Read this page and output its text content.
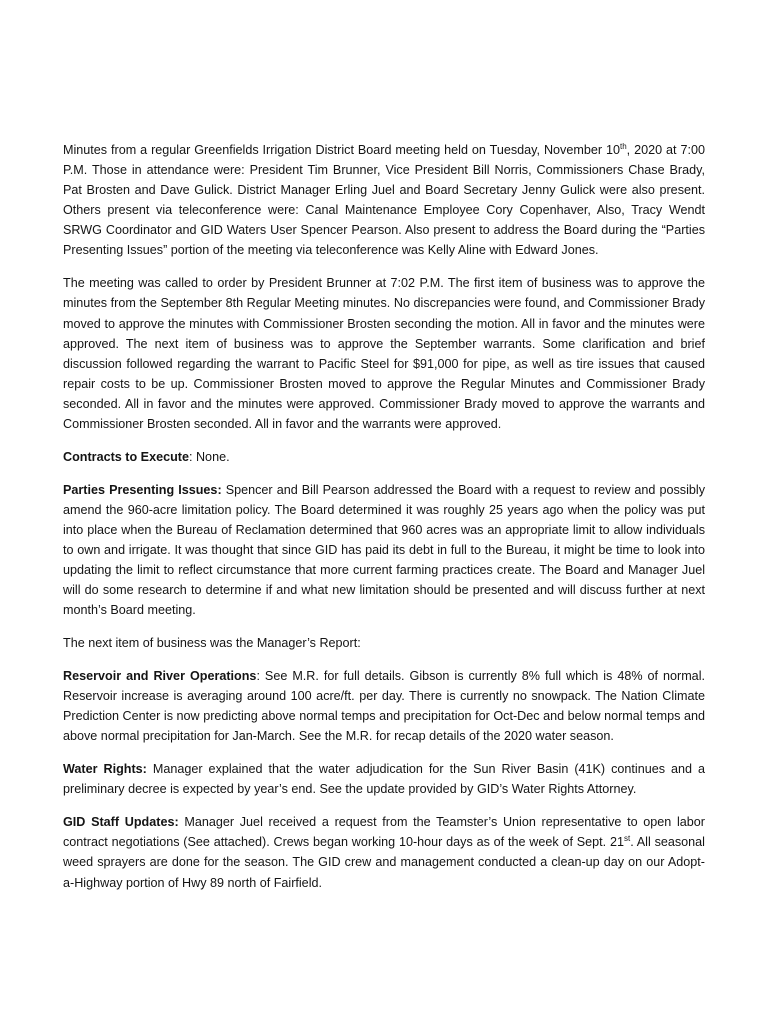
Minutes from a regular Greenfields Irrigation District Board meeting held on Tuesday, November 10th, 2020 at 7:00 P.M. Those in attendance were: President Tim Brunner, Vice President Bill Norris, Commissioners Chase Brady, Pat Brosten and Dave Gulick. District Manager Erling Juel and Board Secretary Jenny Gulick were also present. Others present via teleconference were: Canal Maintenance Employee Cory Copenhaver, Also, Tracy Wendt SRWG Coordinator and GID Waters User Spencer Pearson. Also present to address the Board during the “Parties Presenting Issues” portion of the meeting via teleconference was Kelly Aline with Edward Jones.

The meeting was called to order by President Brunner at 7:02 P.M. The first item of business was to approve the minutes from the September 8th Regular Meeting minutes. No discrepancies were found, and Commissioner Brady moved to approve the minutes with Commissioner Brosten seconding the motion. All in favor and the minutes were approved. The next item of business was to approve the September warrants. Some clarification and brief discussion followed regarding the warrant to Pacific Steel for $91,000 for pipe, as well as tire issues that caused repair costs to be up. Commissioner Brosten moved to approve the Regular Minutes and Commissioner Brady seconded. All in favor and the minutes were approved. Commissioner Brady moved to approve the warrants and Commissioner Brosten seconded. All in favor and the warrants were approved.

Contracts to Execute: None.

Parties Presenting Issues: Spencer and Bill Pearson addressed the Board with a request to review and possibly amend the 960-acre limitation policy. The Board determined it was roughly 25 years ago when the policy was put into place when the Bureau of Reclamation determined that 960 acres was an appropriate limit to allow individuals to own and irrigate. It was thought that since GID has paid its debt in full to the Bureau, it might be time to look into updating the limit to reflect circumstance that more current farming practices create. The Board and Manager Juel will do some research to determine if and what new limitation should be presented and will discuss further at next month’s Board meeting.

The next item of business was the Manager’s Report:

Reservoir and River Operations: See M.R. for full details. Gibson is currently 8% full which is 48% of normal. Reservoir increase is averaging around 100 acre/ft. per day. There is currently no snowpack. The Nation Climate Prediction Center is now predicting above normal temps and precipitation for Oct-Dec and below normal temps and above normal precipitation for Jan-March. See the M.R. for recap details of the 2020 water season.

Water Rights: Manager explained that the water adjudication for the Sun River Basin (41K) continues and a preliminary decree is expected by year’s end. See the update provided by GID’s Water Rights Attorney.

GID Staff Updates: Manager Juel received a request from the Teamster’s Union representative to open labor contract negotiations (See attached). Crews began working 10-hour days as of the week of Sept. 21st. All seasonal weed sprayers are done for the season. The GID crew and management conducted a clean-up day on our Adopt-a-Highway portion of Hwy 89 north of Fairfield.
